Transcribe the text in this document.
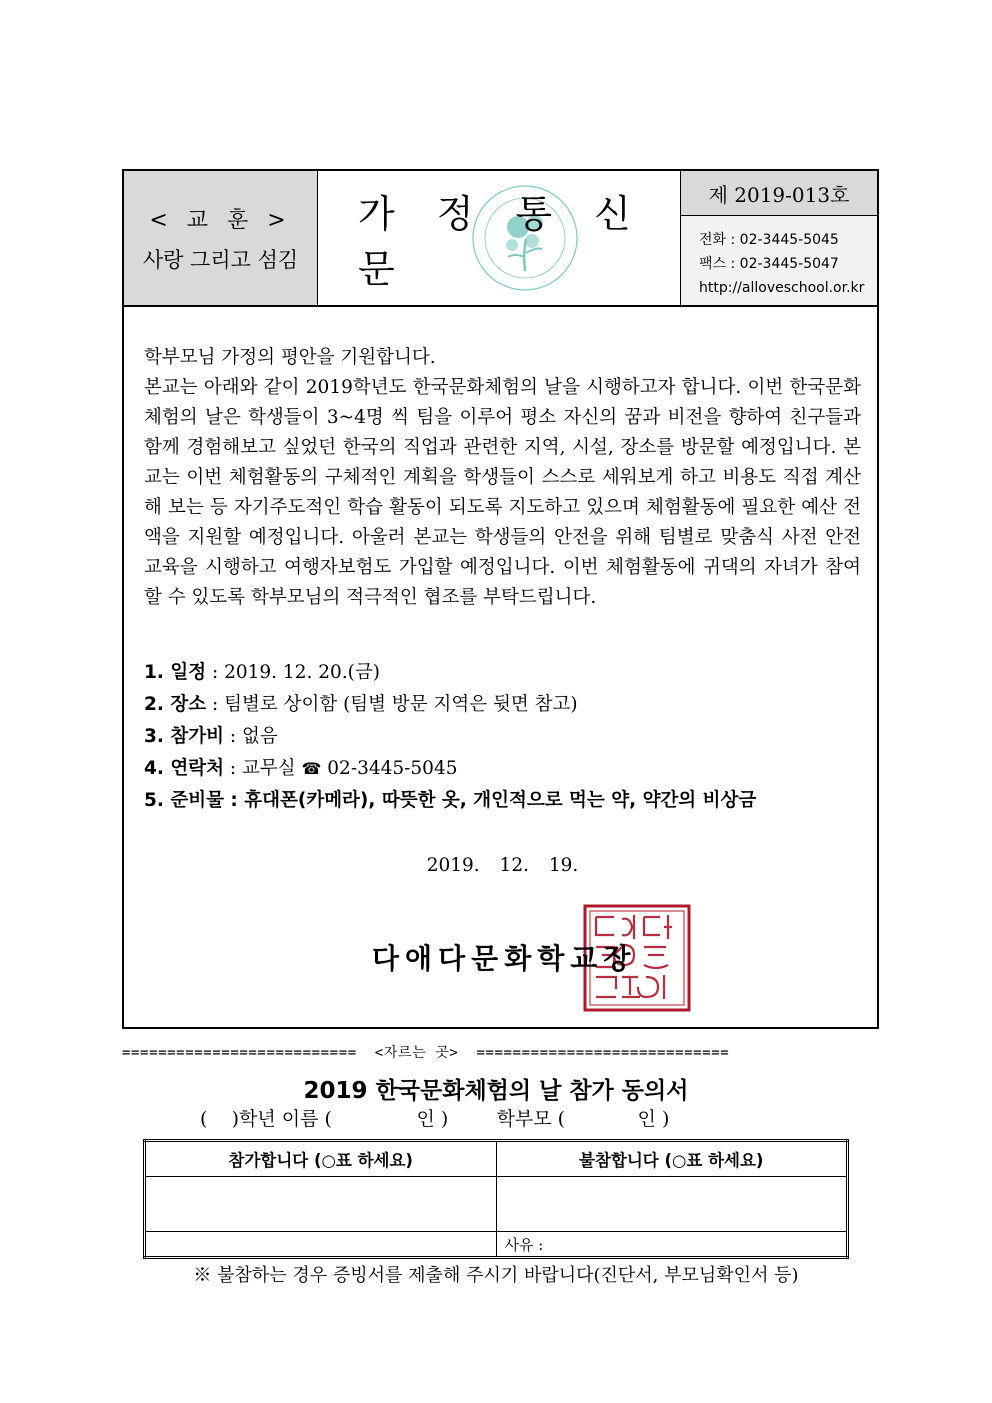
< 교 훈 >
사랑 그리고 섬김
가정통신문
제 2019-013호
전화 : 02-3445-5045
팩스 : 02-3445-5047
http://alloveschool.or.kr

학부모님 가정의 평안을 기원합니다.

본교는 아래와 같이 2019학년도 한국문화체험의 날을 시행하고자 합니다. 이번 한국문화체험의 날은 학생들이 3~4명 씩 팀을 이루어 평소 자신의 꿈과 비전을 향하여 친구들과 함께 경험해보고 싶었던 한국의 직업과 관련한 지역, 시설, 장소를 방문할 예정입니다. 본교는 이번 체험활동의 구체적인 계획을 학생들이 스스로 세워보게 하고 비용도 직접 계산해 보는 등 자기주도적인 학습 활동이 되도록 지도하고 있으며 체험활동에 필요한 예산 전액을 지원할 예정입니다. 아울러 본교는 학생들의 안전을 위해 팀별로 맞춤식 사전 안전 교육을 시행하고 여행자보험도 가입할 예정입니다. 이번 체험활동에 귀댁의 자녀가 참여할 수 있도록 학부모님의 적극적인 협조를 부탁드립니다.

1. 일정 : 2019. 12. 20.(금)
2. 장소 : 팀별로 상이함 (팀별 방문 지역은 뒷면 참고)
3. 참가비 : 없음
4. 연락처 : 교무실 ☎ 02-3445-5045
5. 준비물 : 휴대폰(카메라), 따뜻한 옷, 개인적으로 먹는 약, 약간의 비상금
2019. 12. 19.
다애다문화학교장
==========================  <자르는 곳>  ============================
2019 한국문화체험의 날 참가 동의서
(    )학년 이름 (              인 )        학부모 (            인 )
참가합니다 (○표 하세요)	불참합니다 (○표 하세요)

	사유 :
※ 불참하는 경우 증빙서를 제출해 주시기 바랍니다(진단서, 부모님확인서 등)
